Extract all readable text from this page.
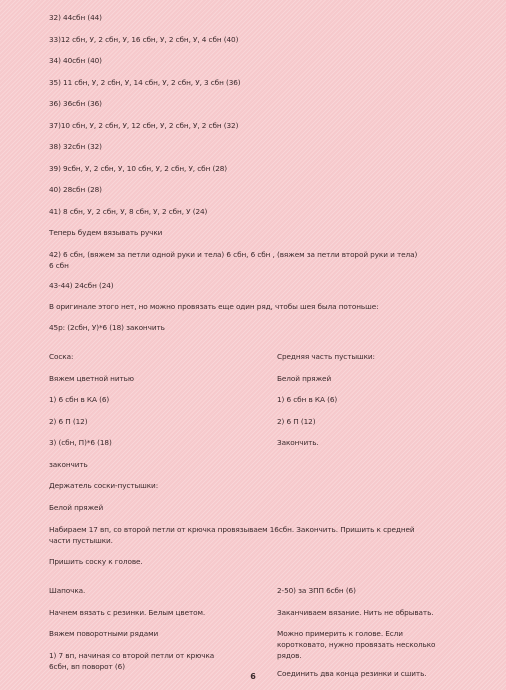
32) 44сбн (44)
33)12 сбн, У, 2 сбн, У, 16 сбн, У, 2 сбн, У, 4 сбн (40)
34) 40сбн (40)
35) 11 сбн, У, 2 сбн, У, 14 сбн, У, 2 сбн, У, 3 сбн (36)
36) 36сбн (36)
37)10 сбн, У, 2 сбн, У, 12 сбн, У, 2 сбн, У, 2 сбн (32)
38) 32сбн (32)
39) 9сбн, У, 2 сбн, У, 10 сбн, У, 2 сбн, У, сбн (28)
40) 28сбн (28)
41) 8 сбн, У, 2 сбн, У, 8 сбн, У, 2 сбн, У (24)
Теперь будем вязывать ручки
42) 6 сбн, (вяжем за петли одной руки и тела) 6 сбн, 6 сбн , (вяжем за петли второй руки и тела)
6 сбн
43-44) 24сбн (24)
В оригинале этого нет, но можно провязать еще один ряд, чтобы шея была потоньше:
45р: (2сбн, У)*6 (18) закончить
Соска:
Вяжем цветной нитью
1) 6 сбн в КА (6)
2) 6 П (12)
3) (сбн, П)*6 (18)
закончить
Средняя часть пустышки:
Белой пряжей
1) 6 сбн в КА (6)
2) 6 П (12)
Закончить.
Держатель соски-пустышки:
Белой пряжей
Набираем 17 вп, со второй петли от крючка провязываем 16сбн. Закончить. Пришить к средней
части пустышки.
Пришить соску к голове.
Шапочка.
Начнем вязать с резинки. Белым цветом.
Вяжем поворотными рядами
1) 7 вп, начиная со второй петли от крючка
6сбн, вп поворот (6)
2-50) за ЗПП 6сбн (6)
Заканчиваем вязание. Нить не обрывать.
Можно примерить к голове. Если
коротковато, нужно провязать несколько
рядов.
Соединить два конца резинки и сшить.
6
